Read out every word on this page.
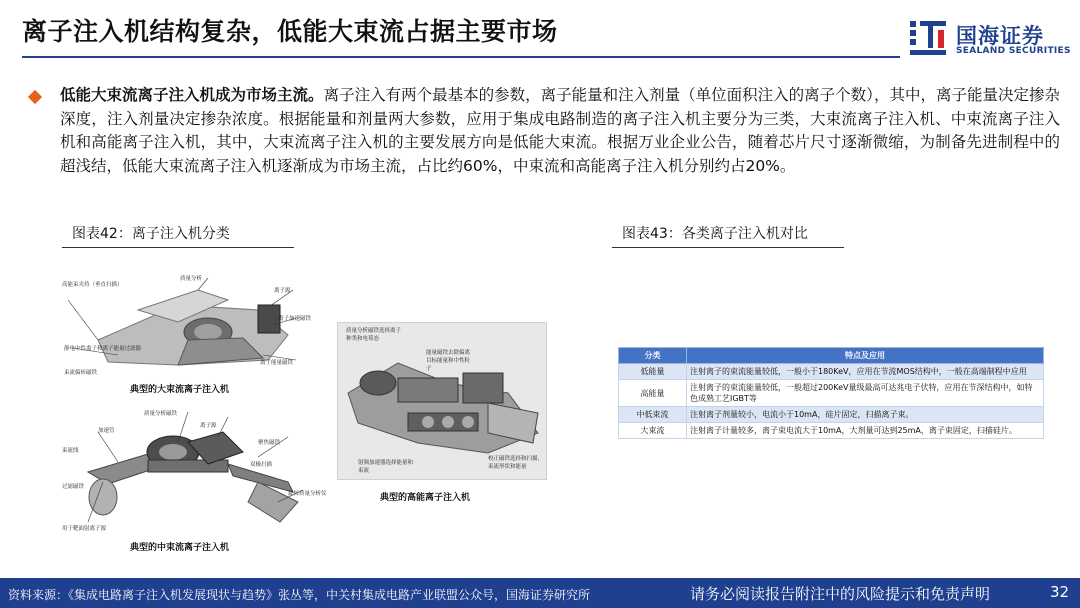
离子注入机结构复杂，低能大束流占据主要市场	国海证券
SEALAND SECURITIES
低能大束流离子注入机成为市场主流。离子注入有两个最基本的参数，离子能量和注入剂量（单位面积注入的离子个数），其中，离子能量决定掺杂深度，注入剂量决定掺杂浓度。根据能量和剂量两大参数，应用于集成电路制造的离子注入机主要分为三类，大束流离子注入机、中束流离子注入机和高能离子注入机，其中，大束流离子注入机的主要发展方向是低能大束流。根据万业企业公告，随着芯片尺寸逐渐微缩，为制备先进制程中的超浅结，低能大束流离子注入机逐渐成为市场主流，占比约60%，中束流和高能离子注入机分别约占20%。
图表42：离子注入机分类
高能束夹持（垂直扫描）
质量分析
离子源
离子加速磁铁
静电中性离子和离子能量过滤器
离子能量磁铁
束流偏转磁铁
典型的大束流离子注入机
质量分析磁铁
加速管
离子源
束流线
聚焦磁铁
过滤磁铁
双极扫描
旋转质量分析仪
用于靶面射离子源
典型的中束流离子注入机
质量分析磁铁选择离子种类和电荷态
能量磁铁去除偏离目标能量和中性粒子
射频加速器选择能量和束流
校正磁铁选择和扫描，束流形状和能量
典型的高能离子注入机
图表43：各类离子注入机对比
分类	特点及应用
低能量	注射离子的束流能量较低，一般小于180KeV，应用在节流MOS结构中，一般在高端制程中应用
高能量	注射离子的束流能量较低，一般超过200KeV量级最高可达兆电子伏特，应用在节深结构中，如特色成熟工艺IGBT等
中低束流	注射离子剂量较小，电流小于10mA，硅片固定，扫描离子束。
大束流	注射离子计量较多，离子束电流大于10mA，大剂量可达到25mA，离子束固定，扫描硅片。
资料来源：《集成电路离子注入机发展现状与趋势》张丛等，中关村集成电路产业联盟公众号，国海证券研究所	请务必阅读报告附注中的风险提示和免责声明	32
